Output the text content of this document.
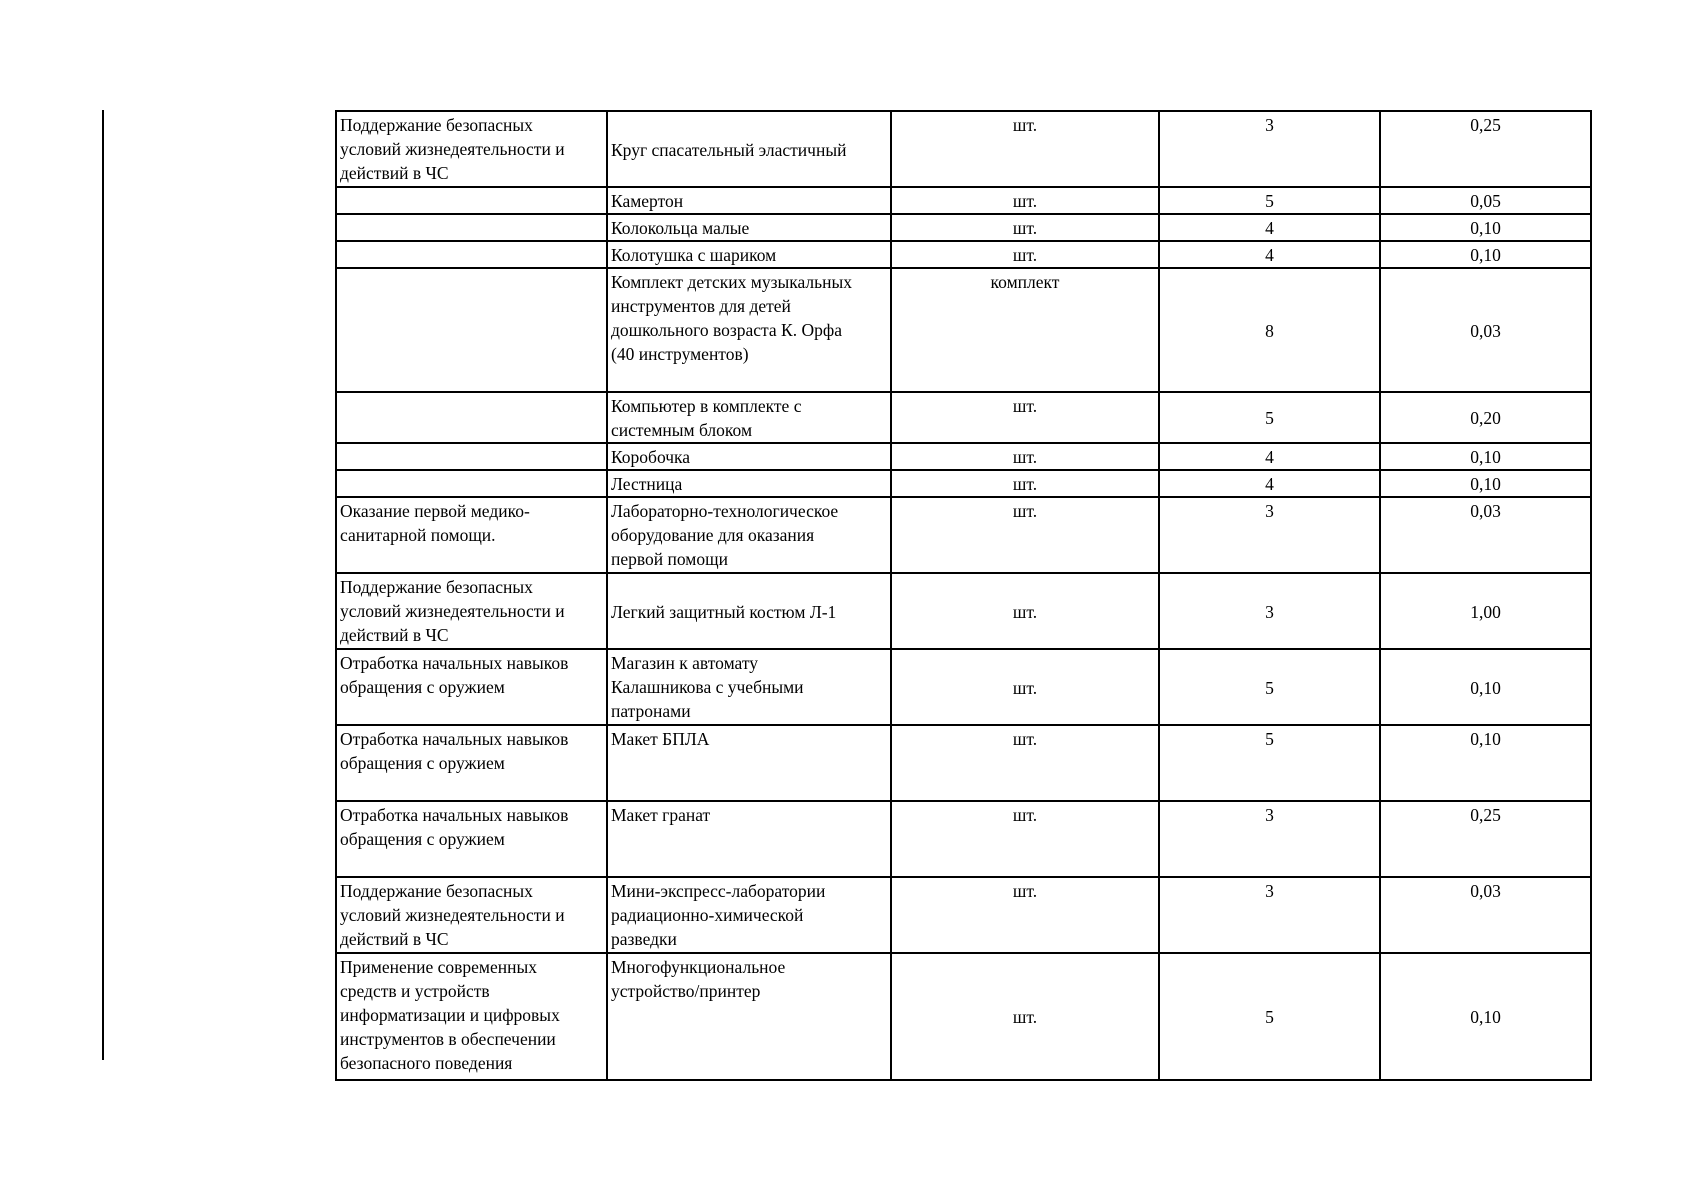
Поддержание безопасных
условий жизнедеятельности и
действий в ЧС	Круг спасательный эластичный	шт.	3	0,25
	Камертон	шт.	5	0,05
	Колокольца малые	шт.	4	0,10
	Колотушка с шариком	шт.	4	0,10
	Комплект детских музыкальных
инструментов для детей
дошкольного возраста К. Орфа
(40 инструментов)	комплект	8	0,03
	Компьютер в комплекте с
системным блоком	шт.	5	0,20
	Коробочка	шт.	4	0,10
	Лестница	шт.	4	0,10
Оказание первой медико-
санитарной помощи.	Лабораторно-технологическое
оборудование для оказания
первой помощи	шт.	3	0,03
Поддержание безопасных
условий жизнедеятельности и
действий в ЧС	Легкий защитный костюм Л-1	шт.	3	1,00
Отработка начальных навыков
обращения с оружием	Магазин к автомату
Калашникова с учебными
патронами	шт.	5	0,10
Отработка начальных навыков
обращения с оружием	Макет БПЛА	шт.	5	0,10
Отработка начальных навыков
обращения с оружием	Макет гранат	шт.	3	0,25
Поддержание безопасных
условий жизнедеятельности и
действий в ЧС	Мини-экспресс-лаборатории
радиационно-химической
разведки	шт.	3	0,03
Применение современных
средств и устройств
информатизации и цифровых
инструментов в обеспечении
безопасного поведения	Многофункциональное
устройство/принтер	шт.	5	0,10
